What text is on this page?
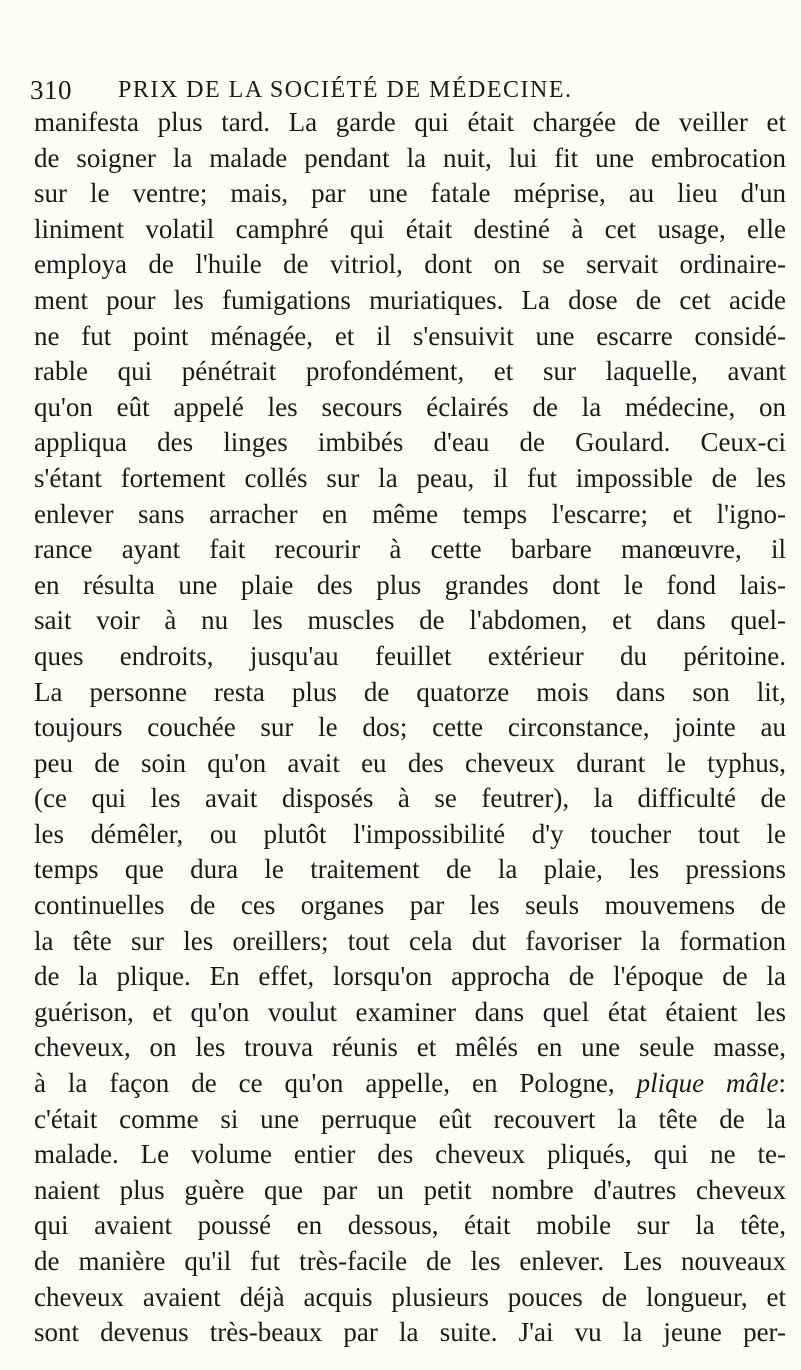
310 PRIX DE LA SOCIÉTÉ DE MÉDECINE.
manifesta plus tard. La garde qui était chargée de veiller et
de soigner la malade pendant la nuit, lui fit une embrocation
sur le ventre; mais, par une fatale méprise, au lieu d'un
liniment volatil camphré qui était destiné à cet usage, elle
employa de l'huile de vitriol, dont on se servait ordinaire-
ment pour les fumigations muriatiques. La dose de cet acide
ne fut point ménagée, et il s'ensuivit une escarre considé-
rable qui pénétrait profondément, et sur laquelle, avant
qu'on eût appelé les secours éclairés de la médecine, on
appliqua des linges imbibés d'eau de Goulard. Ceux-ci
s'étant fortement collés sur la peau, il fut impossible de les
enlever sans arracher en même temps l'escarre; et l'igno-
rance ayant fait recourir à cette barbare manœuvre, il
en résulta une plaie des plus grandes dont le fond lais-
sait voir à nu les muscles de l'abdomen, et dans quel-
ques endroits, jusqu'au feuillet extérieur du péritoine.
La personne resta plus de quatorze mois dans son lit,
toujours couchée sur le dos; cette circonstance, jointe au
peu de soin qu'on avait eu des cheveux durant le typhus,
(ce qui les avait disposés à se feutrer), la difficulté de
les démêler, ou plutôt l'impossibilité d'y toucher tout le
temps que dura le traitement de la plaie, les pressions
continuelles de ces organes par les seuls mouvemens de
la tête sur les oreillers; tout cela dut favoriser la formation
de la plique. En effet, lorsqu'on approcha de l'époque de la
guérison, et qu'on voulut examiner dans quel état étaient les
cheveux, on les trouva réunis et mêlés en une seule masse,
à la façon de ce qu'on appelle, en Pologne, plique mâle:
c'était comme si une perruque eût recouvert la tête de la
malade. Le volume entier des cheveux pliqués, qui ne te-
naient plus guère que par un petit nombre d'autres cheveux
qui avaient poussé en dessous, était mobile sur la tête,
de manière qu'il fut très-facile de les enlever. Les nouveaux
cheveux avaient déjà acquis plusieurs pouces de longueur, et
sont devenus très-beaux par la suite. J'ai vu la jeune per-
